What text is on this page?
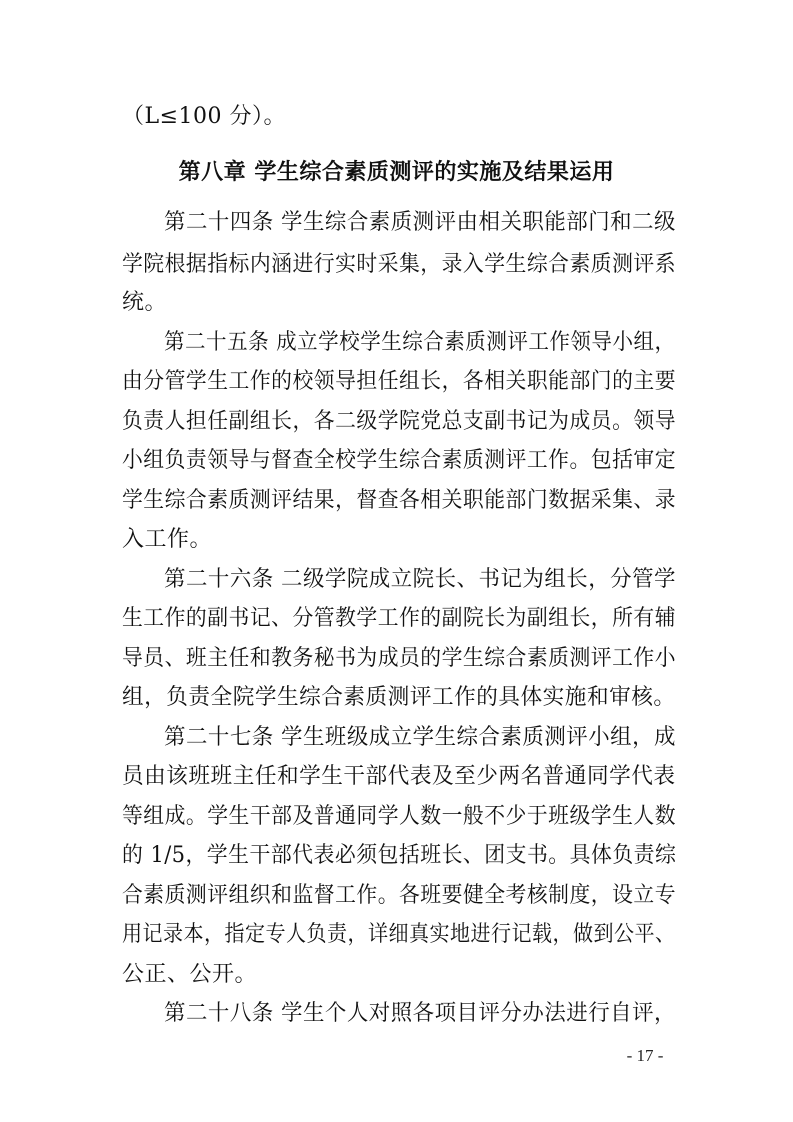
（L≤100 分）。
第八章 学生综合素质测评的实施及结果运用
第二十四条 学生综合素质测评由相关职能部门和二级
学院根据指标内涵进行实时采集，录入学生综合素质测评系
统。
第二十五条 成立学校学生综合素质测评工作领导小组，
由分管学生工作的校领导担任组长，各相关职能部门的主要
负责人担任副组长，各二级学院党总支副书记为成员。领导
小组负责领导与督查全校学生综合素质测评工作。包括审定
学生综合素质测评结果，督查各相关职能部门数据采集、录
入工作。
第二十六条 二级学院成立院长、书记为组长，分管学
生工作的副书记、分管教学工作的副院长为副组长，所有辅
导员、班主任和教务秘书为成员的学生综合素质测评工作小
组，负责全院学生综合素质测评工作的具体实施和审核。
第二十七条 学生班级成立学生综合素质测评小组，成
员由该班班主任和学生干部代表及至少两名普通同学代表
等组成。学生干部及普通同学人数一般不少于班级学生人数
的 1/5，学生干部代表必须包括班长、团支书。具体负责综
合素质测评组织和监督工作。各班要健全考核制度，设立专
用记录本，指定专人负责，详细真实地进行记载，做到公平、
公正、公开。
第二十八条 学生个人对照各项目评分办法进行自评，
- 17 -
